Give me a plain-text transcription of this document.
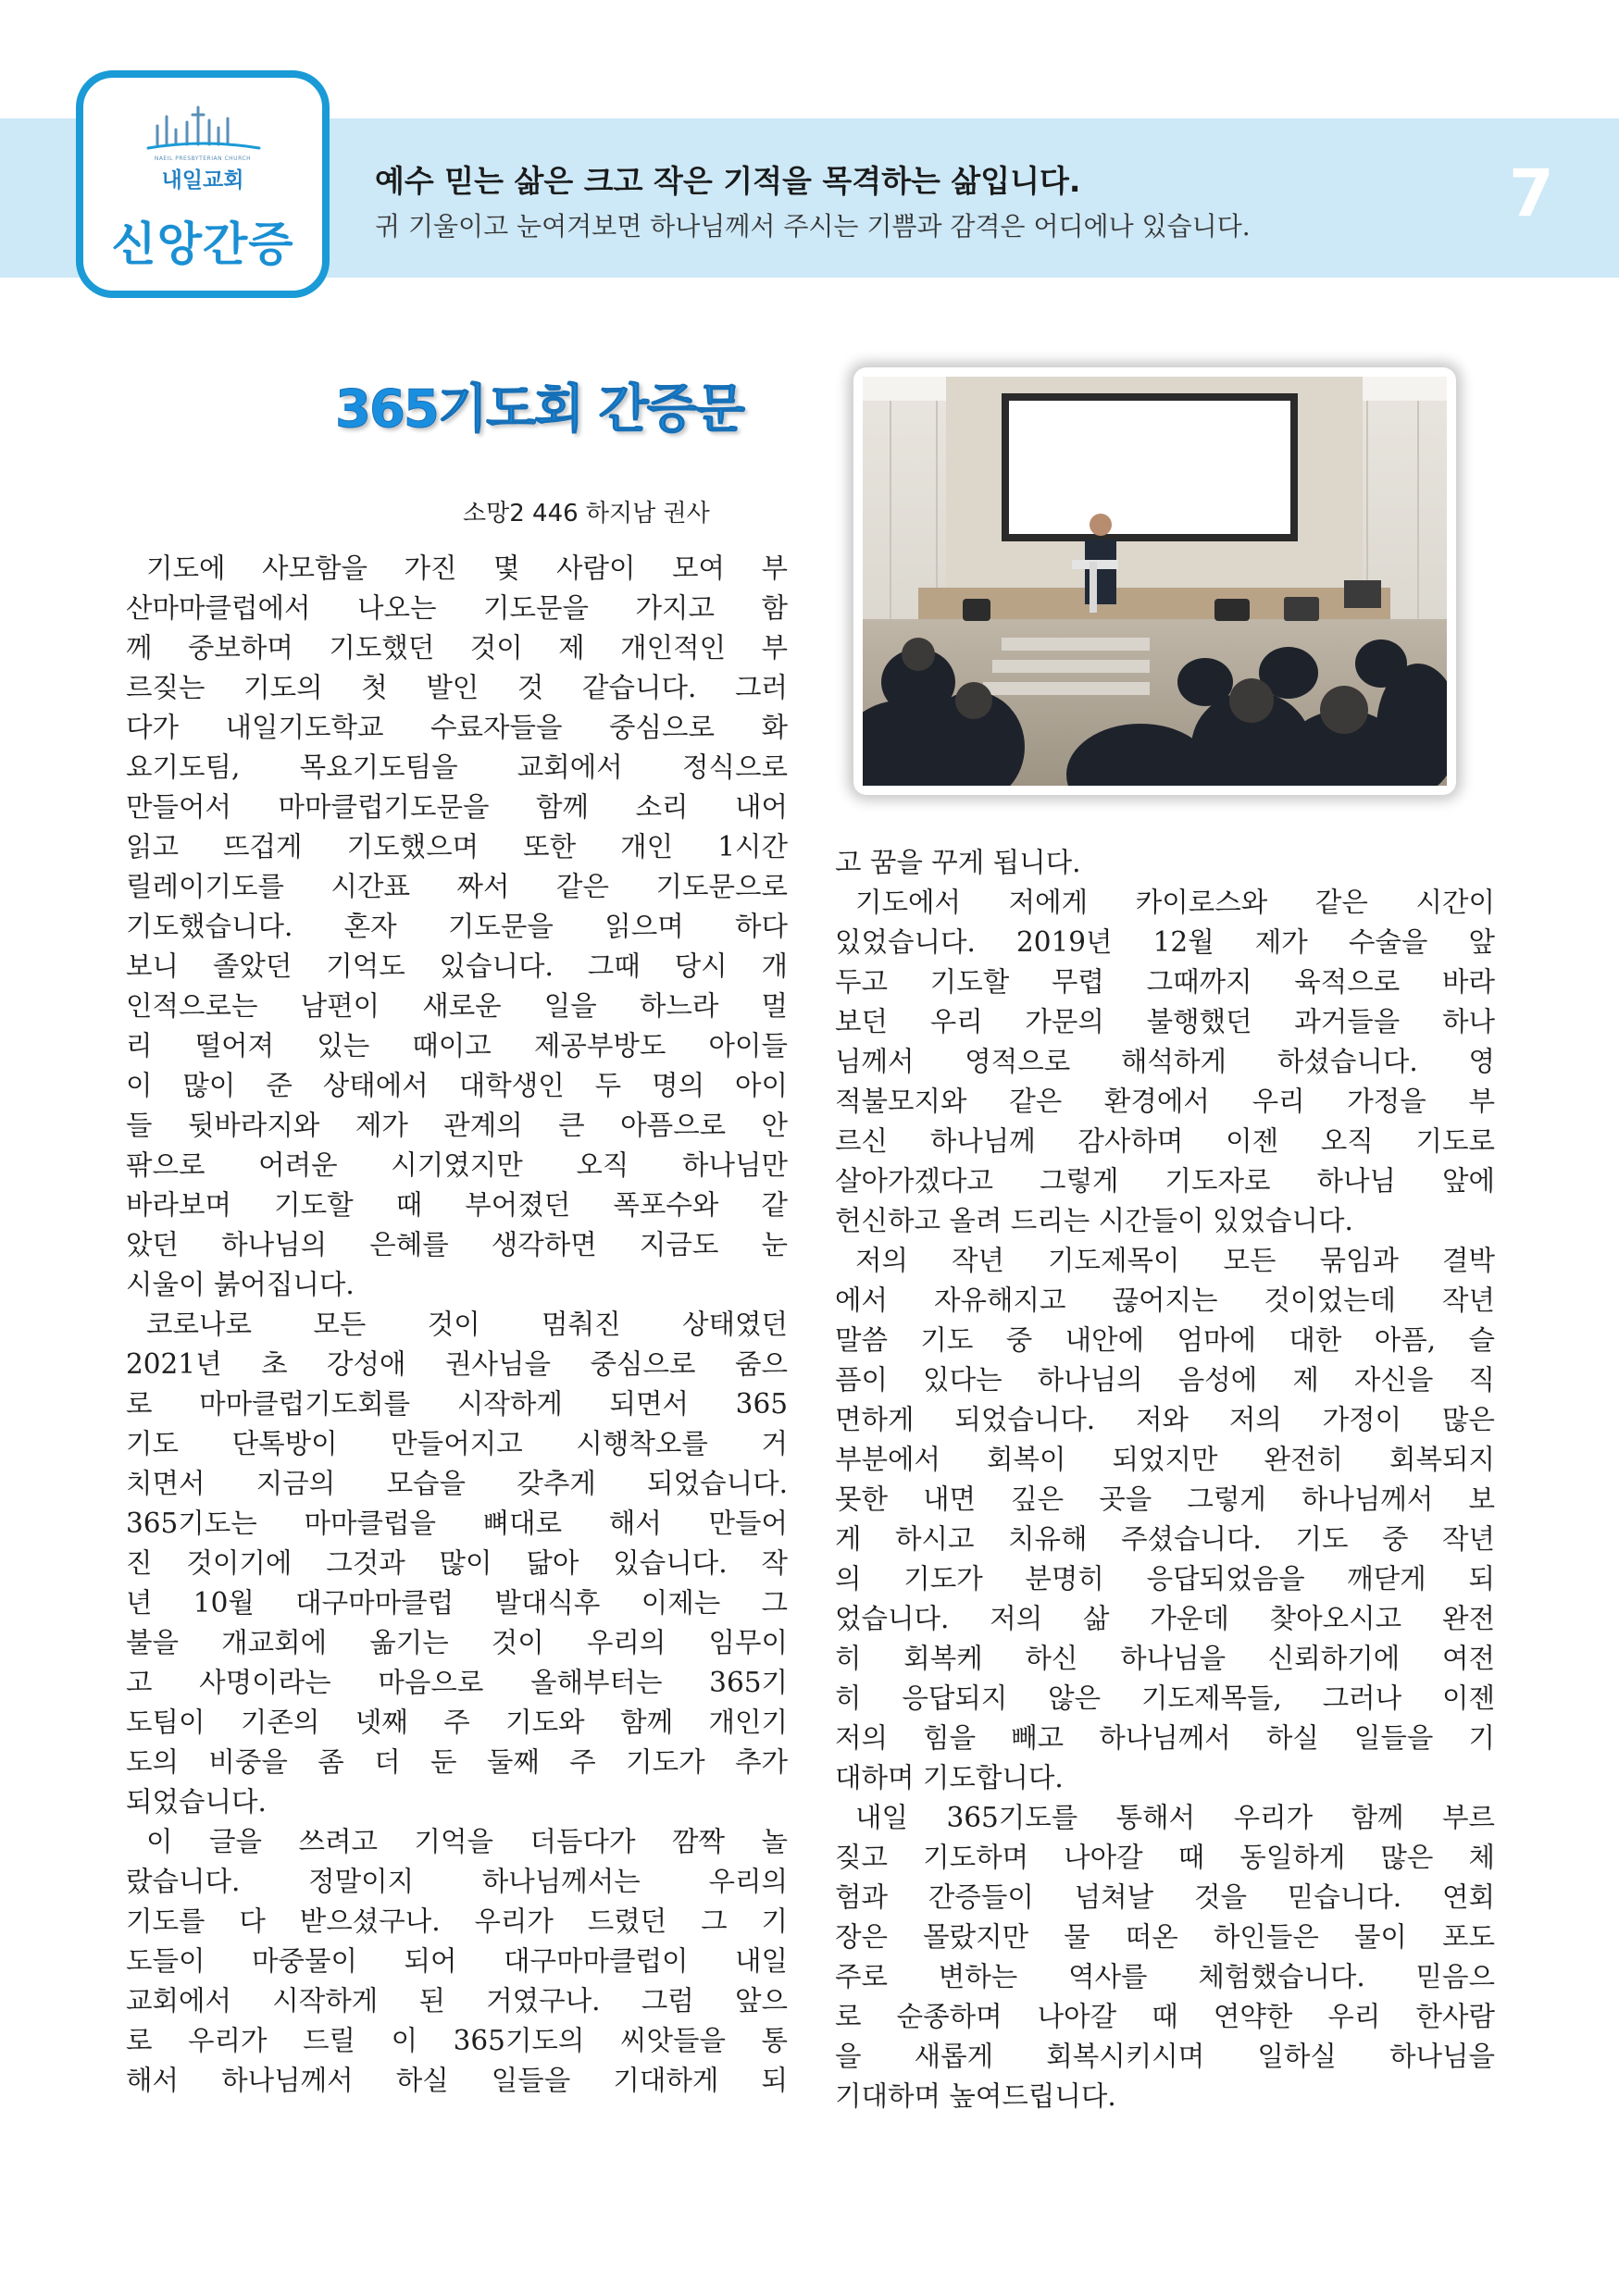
NAEIL PRESBYTERIAN CHURCH
내일교회
신앙간증
예수 믿는 삶은 크고 작은 기적을 목격하는 삶입니다.
귀 기울이고 눈여겨보면 하나님께서 주시는 기쁨과 감격은 어디에나 있습니다.	7
365기도회 간증문
소망2 446 하지남 권사
기도에 사모함을 가진 몇 사람이 모여 부
산마마클럽에서 나오는 기도문을 가지고 함
께 중보하며 기도했던 것이 제 개인적인 부
르짖는 기도의 첫 발인 것 같습니다. 그러
다가 내일기도학교 수료자들을 중심으로 화
요기도팀, 목요기도팀을 교회에서 정식으로
만들어서 마마클럽기도문을 함께 소리 내어
읽고 뜨겁게 기도했으며 또한 개인 1시간
릴레이기도를 시간표 짜서 같은 기도문으로
기도했습니다. 혼자 기도문을 읽으며 하다
보니 졸았던 기억도 있습니다. 그때 당시 개
인적으로는 남편이 새로운 일을 하느라 멀
리 떨어져 있는 때이고 제공부방도 아이들
이 많이 준 상태에서 대학생인 두 명의 아이
들 뒷바라지와 제가 관계의 큰 아픔으로 안
팎으로 어려운 시기였지만 오직 하나님만
바라보며 기도할 때 부어졌던 폭포수와 같
았던 하나님의 은혜를 생각하면 지금도 눈
시울이 붉어집니다.
코로나로 모든 것이 멈춰진 상태였던
2021년 초 강성애 권사님을 중심으로 줌으
로 마마클럽기도회를 시작하게 되면서 365
기도 단톡방이 만들어지고 시행착오를 거
치면서 지금의 모습을 갖추게 되었습니다.
365기도는 마마클럽을 뼈대로 해서 만들어
진 것이기에 그것과 많이 닮아 있습니다. 작
년 10월 대구마마클럽 발대식후 이제는 그
불을 개교회에 옮기는 것이 우리의 임무이
고 사명이라는 마음으로 올해부터는 365기
도팀이 기존의 넷째 주 기도와 함께 개인기
도의 비중을 좀 더 둔 둘째 주 기도가 추가
되었습니다.
이 글을 쓰려고 기억을 더듬다가 깜짝 놀
랐습니다. 정말이지 하나님께서는 우리의
기도를 다 받으셨구나. 우리가 드렸던 그 기
도들이 마중물이 되어 대구마마클럽이 내일
교회에서 시작하게 된 거였구나. 그럼 앞으
로 우리가 드릴 이 365기도의 씨앗들을 통
해서 하나님께서 하실 일들을 기대하게 되
고 꿈을 꾸게 됩니다.
기도에서 저에게 카이로스와 같은 시간이
있었습니다. 2019년 12월 제가 수술을 앞
두고 기도할 무렵 그때까지 육적으로 바라
보던 우리 가문의 불행했던 과거들을 하나
님께서 영적으로 해석하게 하셨습니다. 영
적불모지와 같은 환경에서 우리 가정을 부
르신 하나님께 감사하며 이젠 오직 기도로
살아가겠다고 그렇게 기도자로 하나님 앞에
헌신하고 올려 드리는 시간들이 있었습니다.
저의 작년 기도제목이 모든 묶임과 결박
에서 자유해지고 끊어지는 것이었는데 작년
말씀 기도 중 내안에 엄마에 대한 아픔, 슬
픔이 있다는 하나님의 음성에 제 자신을 직
면하게 되었습니다. 저와 저의 가정이 많은
부분에서 회복이 되었지만 완전히 회복되지
못한 내면 깊은 곳을 그렇게 하나님께서 보
게 하시고 치유해 주셨습니다. 기도 중 작년
의 기도가 분명히 응답되었음을 깨닫게 되
었습니다. 저의 삶 가운데 찾아오시고 완전
히 회복케 하신 하나님을 신뢰하기에 여전
히 응답되지 않은 기도제목들, 그러나 이젠
저의 힘을 빼고 하나님께서 하실 일들을 기
대하며 기도합니다.
내일 365기도를 통해서 우리가 함께 부르
짖고 기도하며 나아갈 때 동일하게 많은 체
험과 간증들이 넘쳐날 것을 믿습니다. 연회
장은 몰랐지만 물 떠온 하인들은 물이 포도
주로 변하는 역사를 체험했습니다. 믿음으
로 순종하며 나아갈 때 연약한 우리 한사람
을 새롭게 회복시키시며 일하실 하나님을
기대하며 높여드립니다.
